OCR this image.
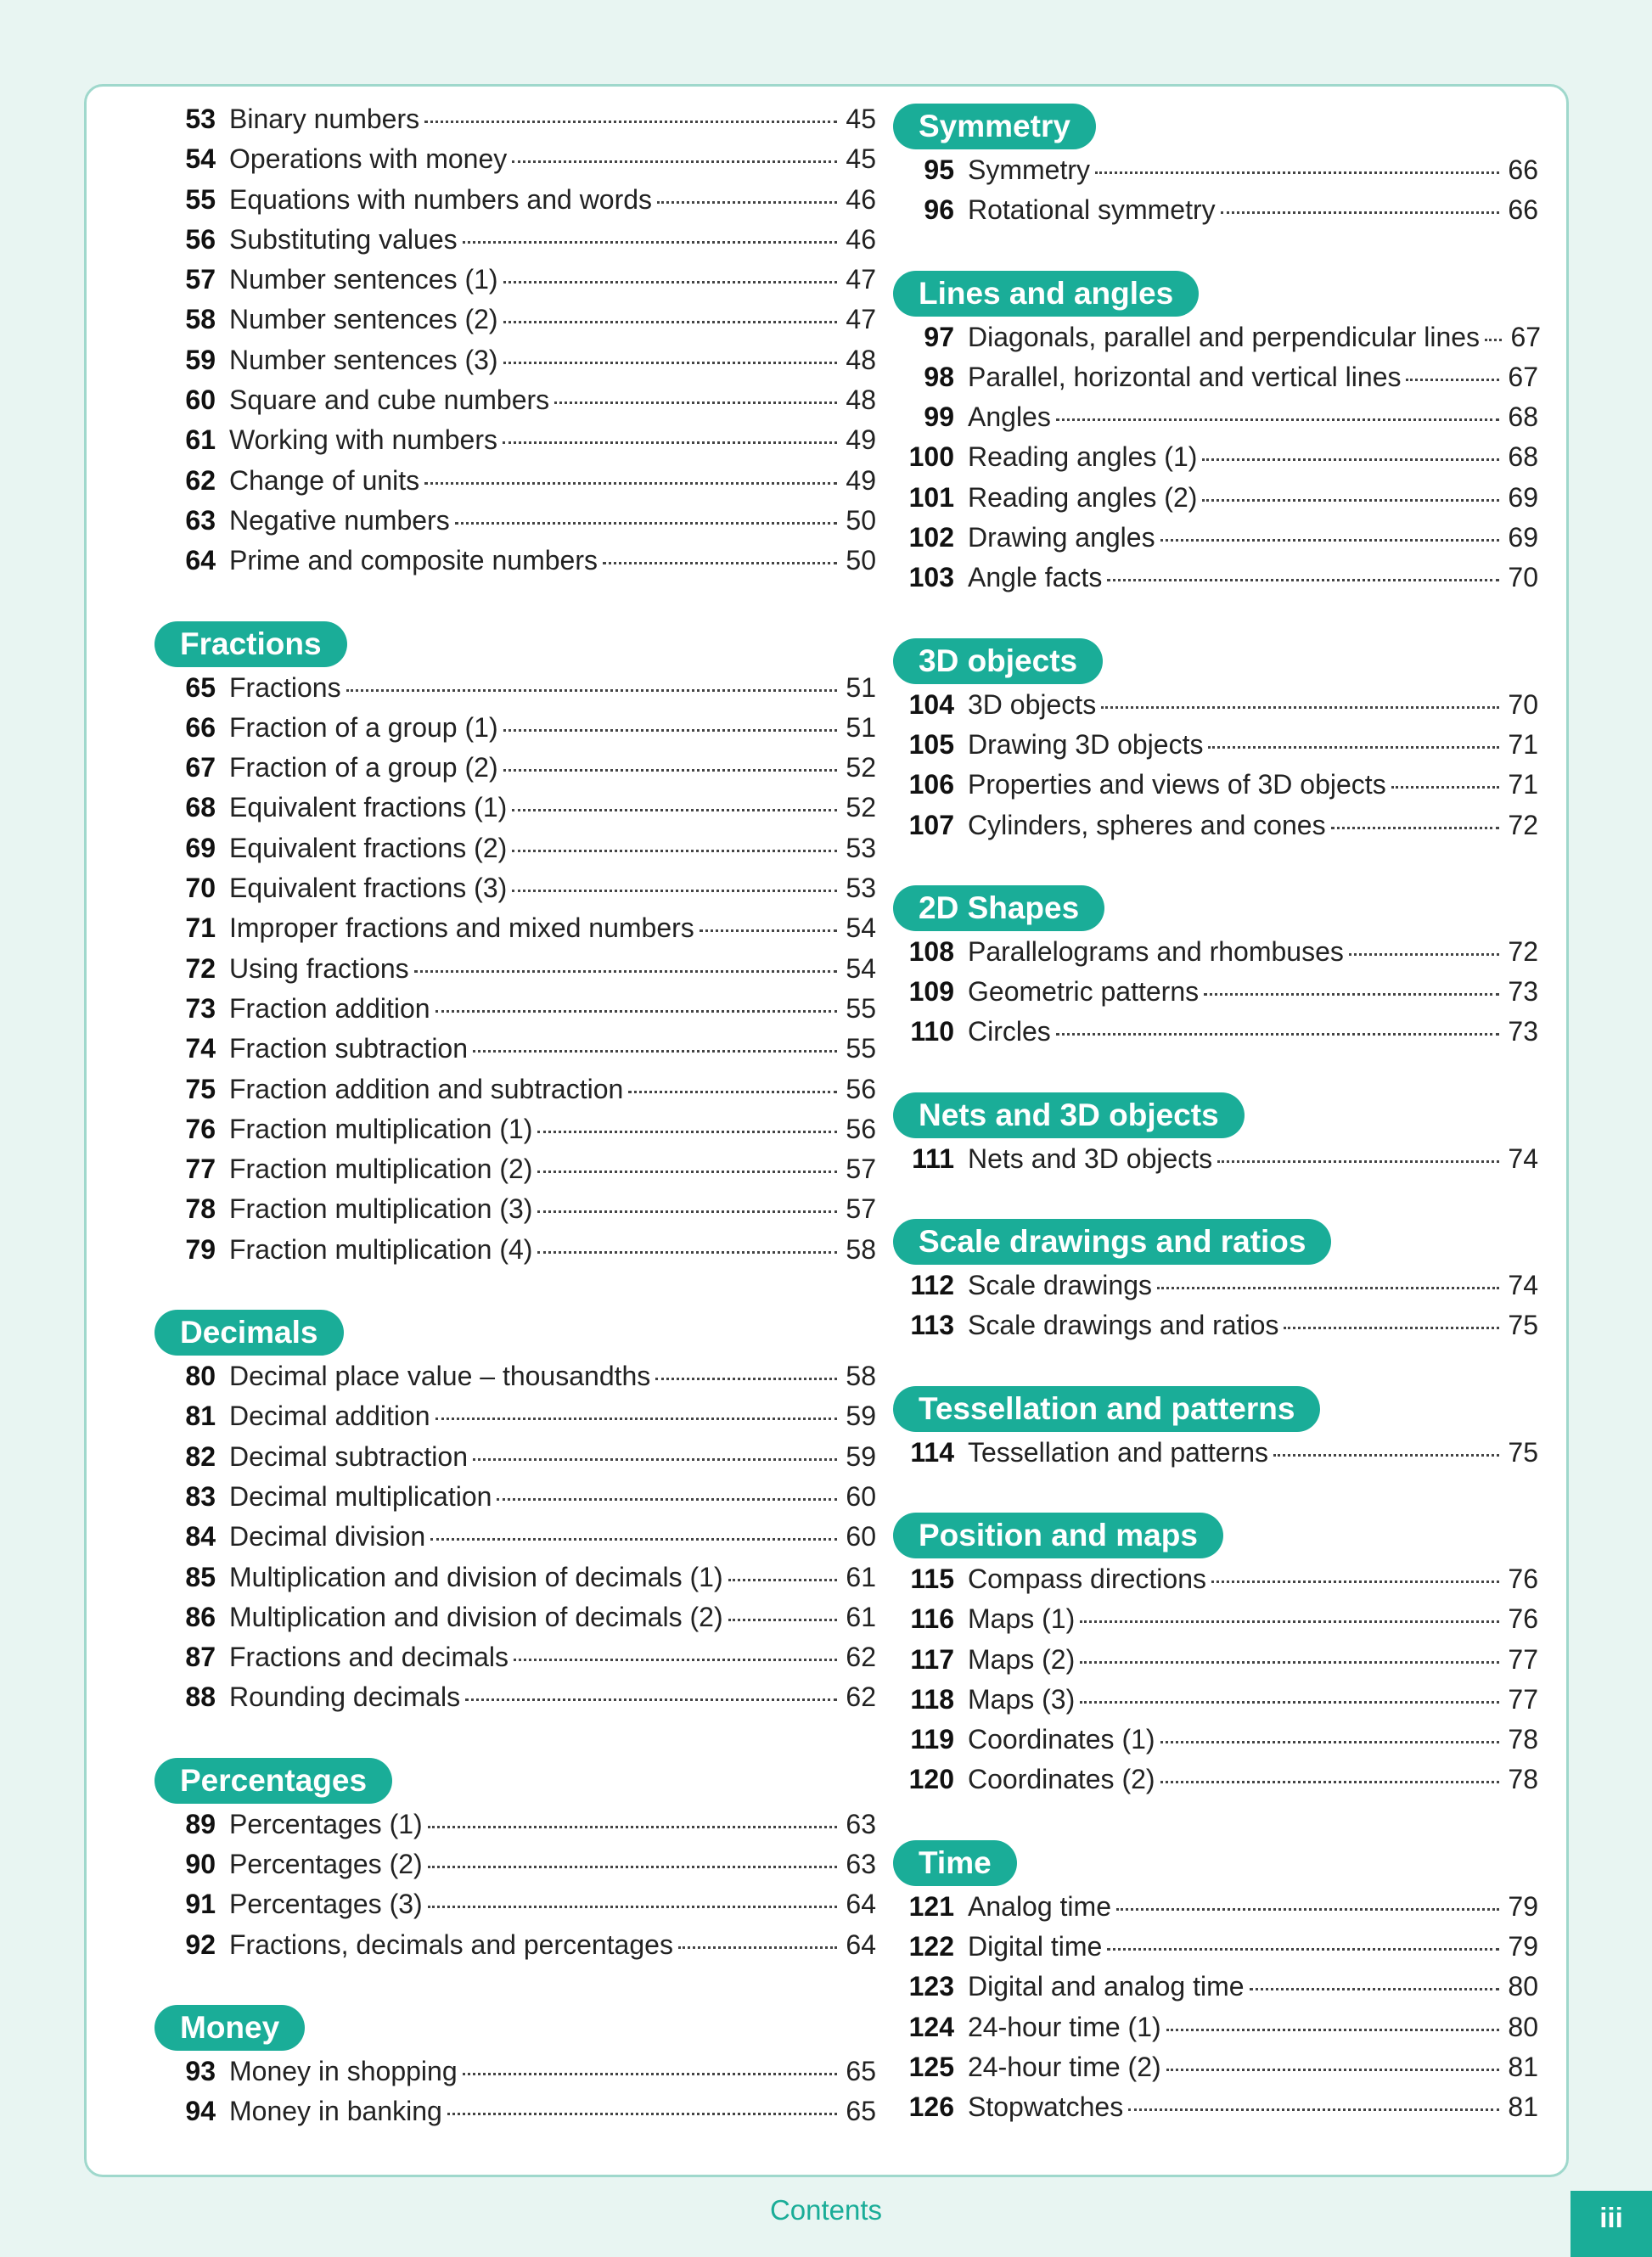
53 Binary numbers	45
54 Operations with money	45
55 Equations with numbers and words	46
56 Substituting values	46
57 Number sentences (1)	47
58 Number sentences (2)	47
59 Number sentences (3)	48
60 Square and cube numbers	48
61 Working with numbers	49
62 Change of units	49
63 Negative numbers	50
64 Prime and composite numbers	50
Fractions
65 Fractions	51
66 Fraction of a group (1)	51
67 Fraction of a group (2)	52
68 Equivalent fractions (1)	52
69 Equivalent fractions (2)	53
70 Equivalent fractions (3)	53
71 Improper fractions and mixed numbers	54
72 Using fractions	54
73 Fraction addition	55
74 Fraction subtraction	55
75 Fraction addition and subtraction	56
76 Fraction multiplication (1)	56
77 Fraction multiplication (2)	57
78 Fraction multiplication (3)	57
79 Fraction multiplication (4)	58
Decimals
80 Decimal place value – thousandths	58
81 Decimal addition	59
82 Decimal subtraction	59
83 Decimal multiplication	60
84 Decimal division	60
85 Multiplication and division of decimals (1)	61
86 Multiplication and division of decimals (2)	61
87 Fractions and decimals	62
88 Rounding decimals	62
Percentages
89 Percentages (1)	63
90 Percentages (2)	63
91 Percentages (3)	64
92 Fractions, decimals and percentages	64
Money
93 Money in shopping	65
94 Money in banking	65
Symmetry
95 Symmetry	66
96 Rotational symmetry	66
Lines and angles
97 Diagonals, parallel and perpendicular lines 67
98 Parallel, horizontal and vertical lines	67
99 Angles	68
100 Reading angles (1)	68
101 Reading angles (2)	69
102 Drawing angles	69
103 Angle facts	70
3D objects
104 3D objects	70
105 Drawing 3D objects	71
106 Properties and views of 3D objects	71
107 Cylinders, spheres and cones	72
2D Shapes
108 Parallelograms and rhombuses	72
109 Geometric patterns	73
110 Circles	73
Nets and 3D objects
111 Nets and 3D objects	74
Scale drawings and ratios
112 Scale drawings	74
113 Scale drawings and ratios	75
Tessellation and patterns
114 Tessellation and patterns	75
Position and maps
115 Compass directions	76
116 Maps (1)	76
117 Maps (2)	77
118 Maps (3)	77
119 Coordinates (1)	78
120 Coordinates (2)	78
Time
121 Analog time	79
122 Digital time	79
123 Digital and analog time	80
124 24-hour time (1)	80
125 24-hour time (2)	81
126 Stopwatches	81
Contents	iii
